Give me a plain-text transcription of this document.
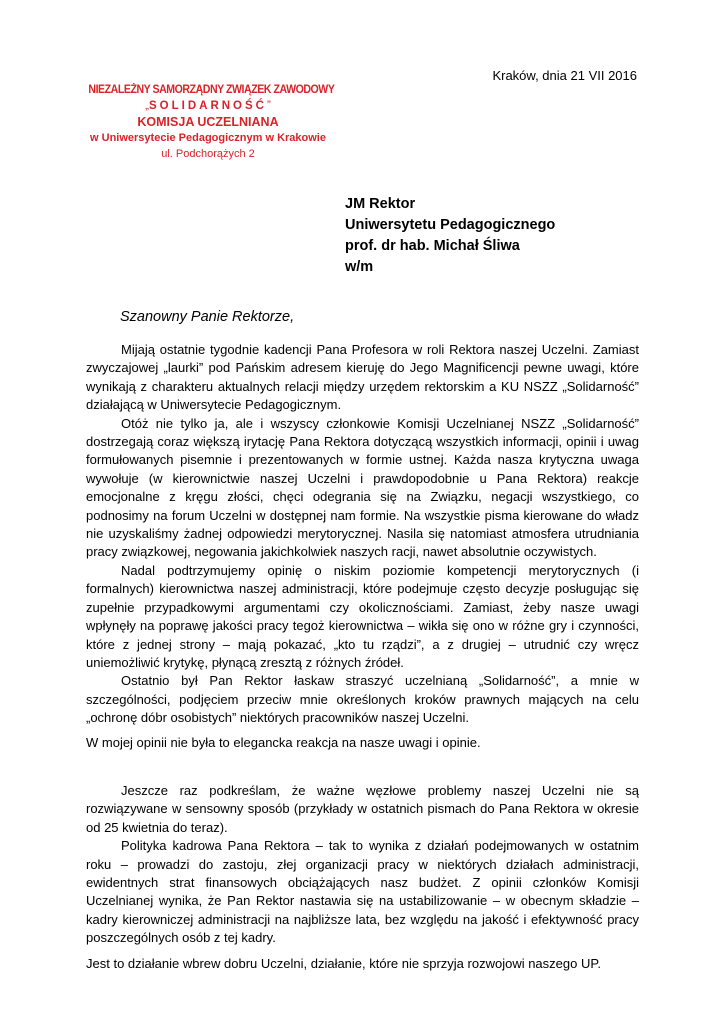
Kraków, dnia 21 VII 2016
NIEZALEŻNY SAMORZĄDNY ZWIĄZEK ZAWODOWY
„SOLIDARNOŚĆ”
KOMISJA UCZELNIANA
w Uniwersytecie Pedagogicznym w Krakowie
ul. Podchorążych 2
JM Rektor
Uniwersytetu Pedagogicznego
prof. dr hab. Michał Śliwa
w/m
Szanowny Panie Rektorze,

Mijają ostatnie tygodnie kadencji Pana Profesora w roli Rektora naszej Uczelni. Zamiast zwyczajowej „laurki” pod Pańskim adresem kieruję do Jego Magnificencji pewne uwagi, które wynikają z charakteru aktualnych relacji między urzędem rektorskim a KU NSZZ „Solidarność” działającą w Uniwersytecie Pedagogicznym.

Otóż nie tylko ja, ale i wszyscy członkowie Komisji Uczelnianej NSZZ „Solidarność” dostrzegają coraz większą irytację Pana Rektora dotyczącą wszystkich informacji, opinii i uwag formułowanych pisemnie i prezentowanych w formie ustnej. Każda nasza krytyczna uwaga wywołuje (w kierownictwie naszej Uczelni i prawdopodobnie u Pana Rektora) reakcje emocjonalne z kręgu złości, chęci odegrania się na Związku, negacji wszystkiego, co podnosimy na forum Uczelni w dostępnej nam formie. Na wszystkie pisma kierowane do władz nie uzyskaliśmy żadnej odpowiedzi merytorycznej. Nasila się natomiast atmosfera utrudniania pracy związkowej, negowania jakichkolwiek naszych racji, nawet absolutnie oczywistych.

Nadal podtrzymujemy opinię o niskim poziomie kompetencji merytorycznych (i formalnych) kierownictwa naszej administracji, które podejmuje często decyzje posługując się zupełnie przypadkowymi argumentami czy okolicznościami. Zamiast, żeby nasze uwagi wpłynęły na poprawę jakości pracy tegoż kierownictwa – wikła się ono w różne gry i czynności, które z jednej strony – mają pokazać, „kto tu rządzi”, a z drugiej – utrudnić czy wręcz uniemożliwić krytykę, płynącą zresztą z różnych źródeł.

Ostatnio był Pan Rektor łaskaw straszyć uczelnianą „Solidarność”, a mnie w szczególności, podjęciem przeciw mnie określonych kroków prawnych mających na celu „ochronę dóbr osobistych” niektórych pracowników naszej Uczelni.

W mojej opinii nie była to elegancka reakcja na nasze uwagi i opinie.

Jeszcze raz podkreślam, że ważne węzłowe problemy naszej Uczelni nie są rozwiązywane w sensowny sposób (przykłady w ostatnich pismach do Pana Rektora w okresie od 25 kwietnia do teraz).

Polityka kadrowa Pana Rektora – tak to wynika z działań podejmowanych w ostatnim roku – prowadzi do zastoju, złej organizacji pracy w niektórych działach administracji, ewidentnych strat finansowych obciążających nasz budżet. Z opinii członków Komisji Uczelnianej wynika, że Pan Rektor nastawia się na ustabilizowanie – w obecnym składzie – kadry kierowniczej administracji na najbliższe lata, bez względu na jakość i efektywność pracy poszczególnych osób z tej kadry.

Jest to działanie wbrew dobru Uczelni, działanie, które nie sprzyja rozwojowi naszego UP.
